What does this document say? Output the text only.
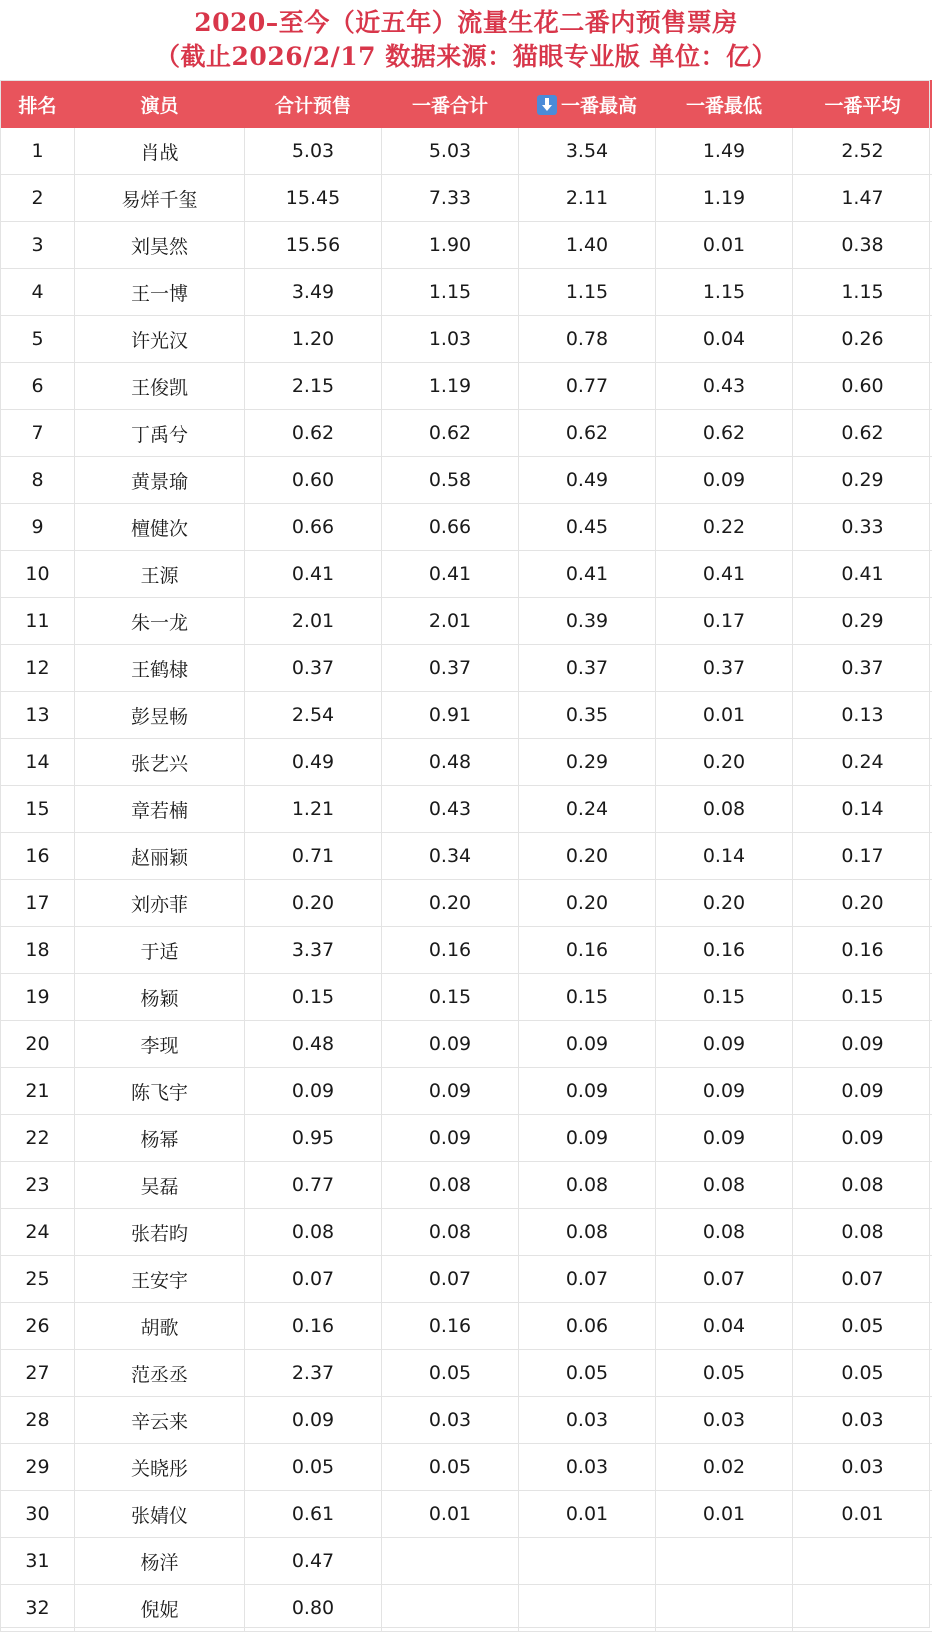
2020–至今（近五年）流量生花二番内预售票房
（截止2026/2/17 数据来源：猫眼专业版 单位：亿）
排名	演员	合计预售	一番合计	一番最高	一番最低	一番平均
1	肖战	5.03	5.03	3.54	1.49	2.52
2	易烊千玺	15.45	7.33	2.11	1.19	1.47
3	刘昊然	15.56	1.90	1.40	0.01	0.38
4	王一博	3.49	1.15	1.15	1.15	1.15
5	许光汉	1.20	1.03	0.78	0.04	0.26
6	王俊凯	2.15	1.19	0.77	0.43	0.60
7	丁禹兮	0.62	0.62	0.62	0.62	0.62
8	黄景瑜	0.60	0.58	0.49	0.09	0.29
9	檀健次	0.66	0.66	0.45	0.22	0.33
10	王源	0.41	0.41	0.41	0.41	0.41
11	朱一龙	2.01	2.01	0.39	0.17	0.29
12	王鹤棣	0.37	0.37	0.37	0.37	0.37
13	彭昱畅	2.54	0.91	0.35	0.01	0.13
14	张艺兴	0.49	0.48	0.29	0.20	0.24
15	章若楠	1.21	0.43	0.24	0.08	0.14
16	赵丽颖	0.71	0.34	0.20	0.14	0.17
17	刘亦菲	0.20	0.20	0.20	0.20	0.20
18	于适	3.37	0.16	0.16	0.16	0.16
19	杨颖	0.15	0.15	0.15	0.15	0.15
20	李现	0.48	0.09	0.09	0.09	0.09
21	陈飞宇	0.09	0.09	0.09	0.09	0.09
22	杨幂	0.95	0.09	0.09	0.09	0.09
23	吴磊	0.77	0.08	0.08	0.08	0.08
24	张若昀	0.08	0.08	0.08	0.08	0.08
25	王安宇	0.07	0.07	0.07	0.07	0.07
26	胡歌	0.16	0.16	0.06	0.04	0.05
27	范丞丞	2.37	0.05	0.05	0.05	0.05
28	辛云来	0.09	0.03	0.03	0.03	0.03
29	关晓彤	0.05	0.05	0.03	0.02	0.03
30	张婧仪	0.61	0.01	0.01	0.01	0.01
31	杨洋	0.47				
32	倪妮	0.80				
